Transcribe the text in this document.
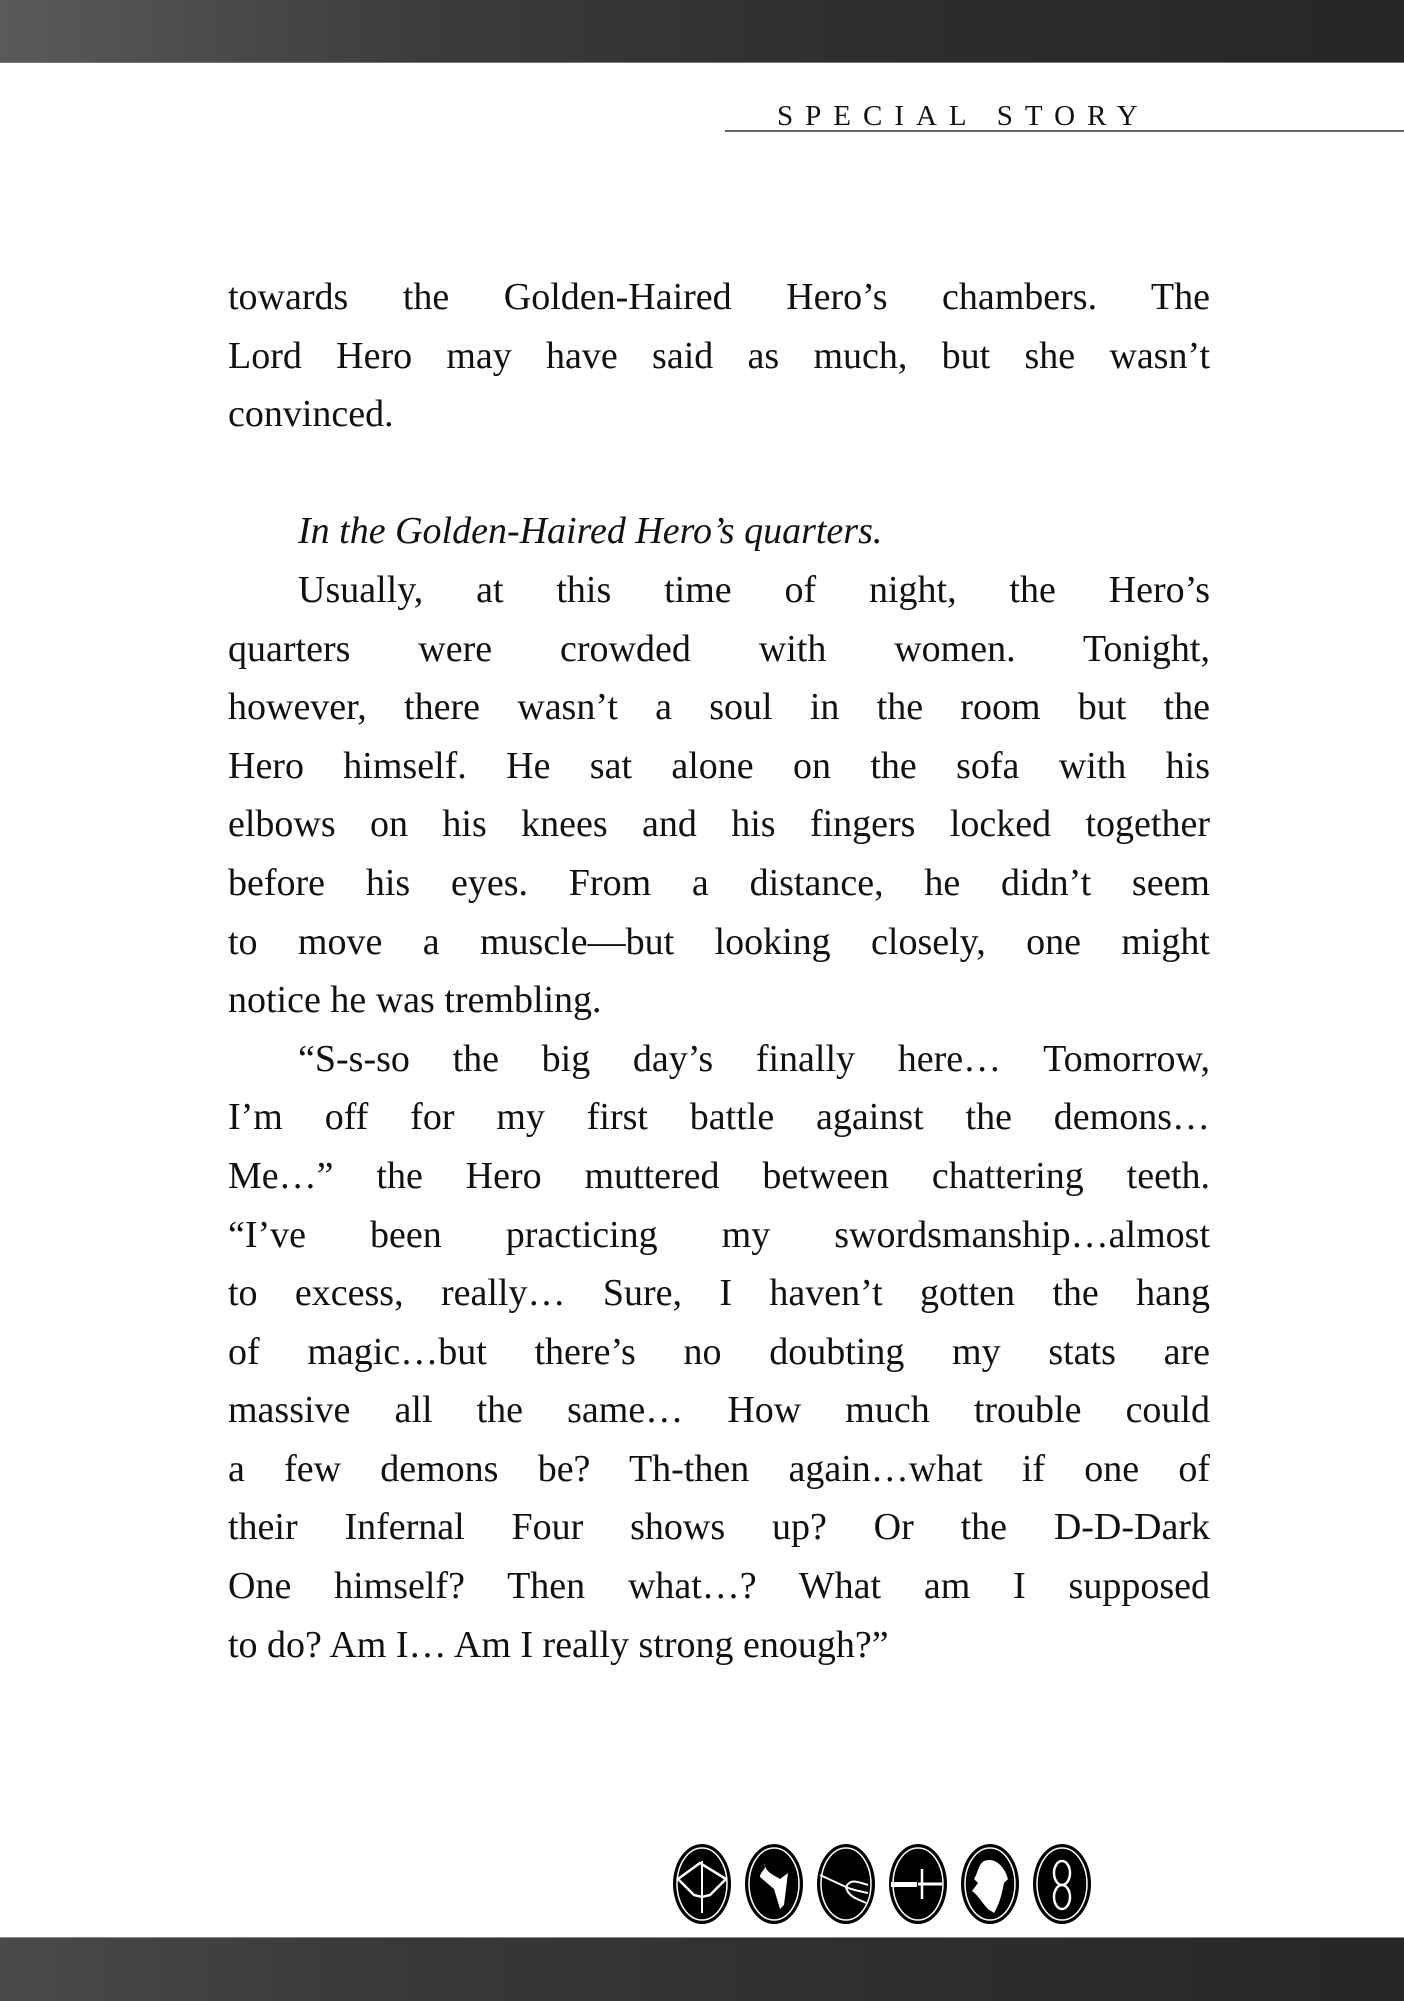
SPECIAL STORY
towards the Golden-Haired Hero’s chambers. The
Lord Hero may have said as much, but she wasn’t
convinced.
In the Golden-Haired Hero’s quarters.
Usually, at this time of night, the Hero’s
quarters were crowded with women. Tonight,
however, there wasn’t a soul in the room but the
Hero himself. He sat alone on the sofa with his
elbows on his knees and his fingers locked together
before his eyes. From a distance, he didn’t seem
to move a muscle—but looking closely, one might
notice he was trembling.
“S-s-so the big day’s finally here… Tomorrow,
I’m off for my first battle against the demons…
Me…” the Hero muttered between chattering teeth.
“I’ve been practicing my swordsmanship…almost
to excess, really… Sure, I haven’t gotten the hang
of magic…but there’s no doubting my stats are
massive all the same… How much trouble could
a few demons be? Th-then again…what if one of
their Infernal Four shows up? Or the D-D-Dark
One himself? Then what…? What am I supposed
to do? Am I… Am I really strong enough?”
